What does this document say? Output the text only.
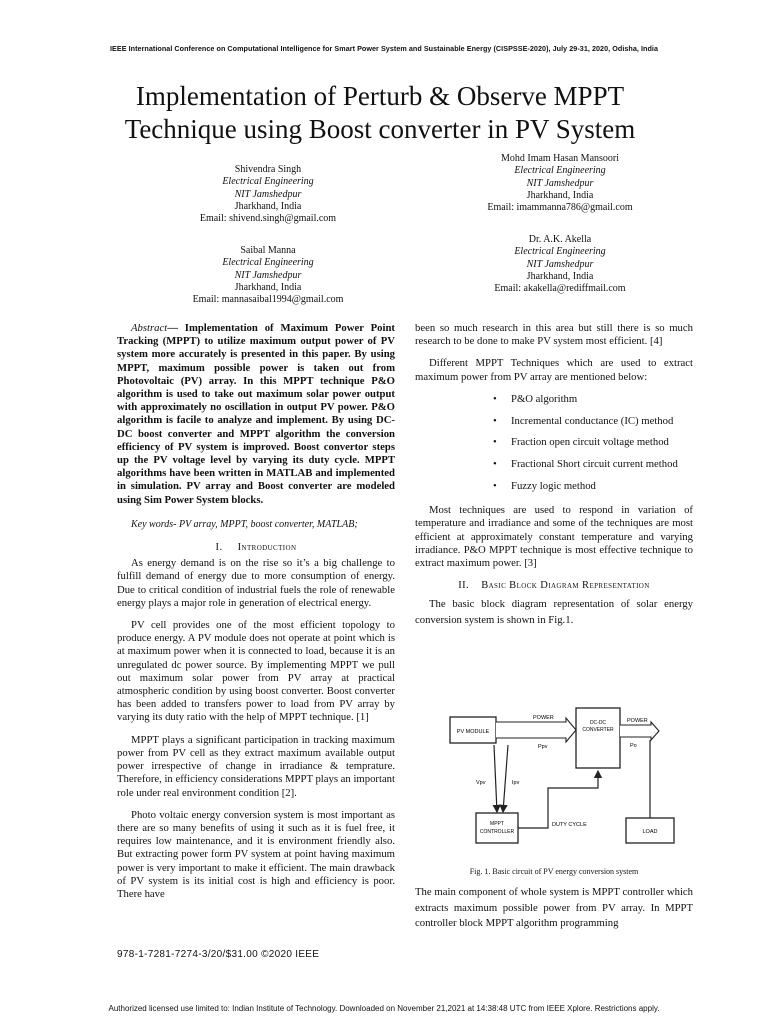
IEEE International Conference on Computational Intelligence for Smart Power System and Sustainable Energy (CISPSSE-2020), July 29-31, 2020, Odisha, India
Implementation of Perturb & Observe MPPT
Technique using Boost converter in PV System
Shivendra Singh
Electrical Engineering
NIT Jamshedpur
Jharkhand, India
Email: shivend.singh@gmail.com
Mohd Imam Hasan Mansoori
Electrical Engineering
NIT Jamshedpur
Jharkhand, India
Email: imammanna786@gmail.com
Saibal Manna
Electrical Engineering
NIT Jamshedpur
Jharkhand, India
Email: mannasaibal1994@gmail.com
Dr. A.K. Akella
Electrical Engineering
NIT Jamshedpur
Jharkhand, India
Email: akakella@rediffmail.com

Abstract— Implementation of Maximum Power Point Tracking (MPPT) to utilize maximum output power of PV system more accurately is presented in this paper. By using MPPT, maximum possible power is taken out from Photovoltaic (PV) array. In this MPPT technique P&O algorithm is used to take out maximum solar power output with approximately no oscillation in output PV power. P&O algorithm is facile to analyze and implement. By using DC-DC boost converter and MPPT algorithm the conversion efficiency of PV system is improved. Boost convertor steps up the PV voltage level by varying its duty cycle. MPPT algorithms have been written in MATLAB and implemented in simulation. PV array and Boost converter are modeled using Sim Power System blocks.

Key words- PV array, MPPT, boost converter, MATLAB;

I. Introduction

As energy demand is on the rise so it’s a big challenge to fulfill demand of energy due to more consumption of energy. Due to critical condition of industrial fuels the role of renewable energy plays a major role in generation of electrical energy.

PV cell provides one of the most efficient topology to produce energy. A PV module does not operate at point which is at maximum power when it is connected to load, because it is an unregulated dc power source. By implementing MPPT we pull out maximum solar power from PV array at practical atmospheric condition by using boost converter. Boost converter has been added to transfers power to load from PV array by varying its duty ratio with the help of MPPT technique. [1]

MPPT plays a significant participation in tracking maximum power from PV cell as they extract maximum available output power irrespective of change in irradiance & temprature. Therefore, in efficiency considerations MPPT plays an important role under real environment condition [2].

Photo voltaic energy conversion system is most important as there are so many benefits of using it such as it is fuel free, it requires low maintenance, and it is environment friendly also. But extracting power form PV system at point having maximum power is very important to make it efficient. The main drawback of PV system is its initial cost is high and efficiency is poor. There have

been so much research in this area but still there is so much research to be done to make PV system most efficient. [4]

Different MPPT Techniques which are used to extract maximum power from PV array are mentioned below:

• P&O algorithm
• Incremental conductance (IC) method
• Fraction open circuit voltage method
• Fractional Short circuit current method
• Fuzzy logic method

Most techniques are used to respond in variation of temperature and irradiance and some of the techniques are most efficient at approximately constant temperature and varying irradiance. P&O MPPT technique is most effective technique to extract maximum power. [3]

II. Basic Block Diagram Representation

The basic block diagram representation of solar energy conversion system is shown in Fig.1.

PV MODULE
POWER
Ppv
DC-DC
CONVERTER
POWER
Po
Vpv	Ipv
MPPT
CONTROLLER
DUTY CYCLE
LOAD
Fig. 1. Basic circuit of PV energy conversion system

The main component of whole system is MPPT controller which extracts maximum possible power from PV array. In MPPT controller block MPPT algorithm programming

978-1-7281-7274-3/20/$31.00 ©2020 IEEE
Authorized licensed use limited to: Indian Institute of Technology. Downloaded on November 21,2021 at 14:38:48 UTC from IEEE Xplore. Restrictions apply.
